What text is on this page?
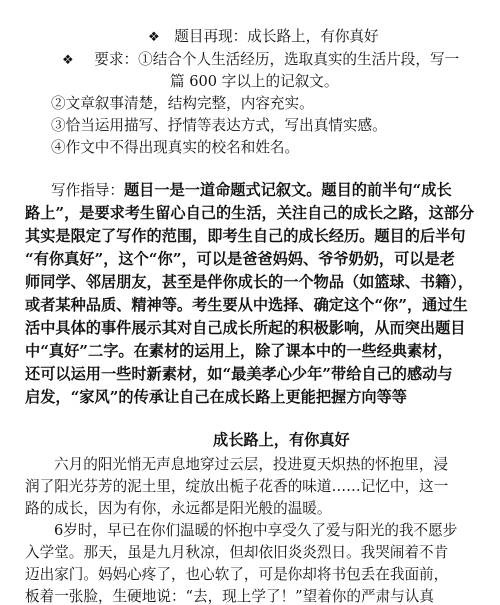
❖ 题目再现：成长路上，有你真好
❖ 要求：①结合个人生活经历，选取真实的生活片段，写一
篇 600 字以上的记叙文。
②文章叙事清楚，结构完整，内容充实。
③恰当运用描写、抒情等表达方式，写出真情实感。
④作文中不得出现真实的校名和姓名。
写作指导：题目一是一道命题式记叙文。题目的前半句“成长
路上”，是要求考生留心自己的生活，关注自己的成长之路，这部分
其实是限定了写作的范围，即考生自己的成长经历。题目的后半句
“有你真好”，这个“你”，可以是爸爸妈妈、爷爷奶奶，可以是老
师同学、邻居朋友，甚至是伴你成长的一个物品（如篮球、书籍），
或者某种品质、精神等。考生要从中选择、确定这个“你”，通过生
活中具体的事件展示其对自己成长所起的积极影响，从而突出题目
中“真好”二字。在素材的运用上，除了课本中的一些经典素材，
还可以运用一些时新素材，如“最美孝心少年”带给自己的感动与
启发，“家风”的传承让自己在成长路上更能把握方向等等
成长路上，有你真好
六月的阳光悄无声息地穿过云层，投进夏天炽热的怀抱里，浸
润了阳光芬芳的泥土里，绽放出栀子花香的味道……记忆中，这一
路的成长，因为有你，永远都是阳光般的温暖。
6岁时，早已在你们温暖的怀抱中享受久了爱与阳光的我不愿步
入学堂。那天，虽是九月秋凉，但却依旧炎炎烈日。我哭闹着不肯
迈出家门。妈妈心疼了，也心软了，可是你却将书包丢在我面前，
板着一张脸，生硬地说：“去，现上学了！”望着你的严肃与认真
